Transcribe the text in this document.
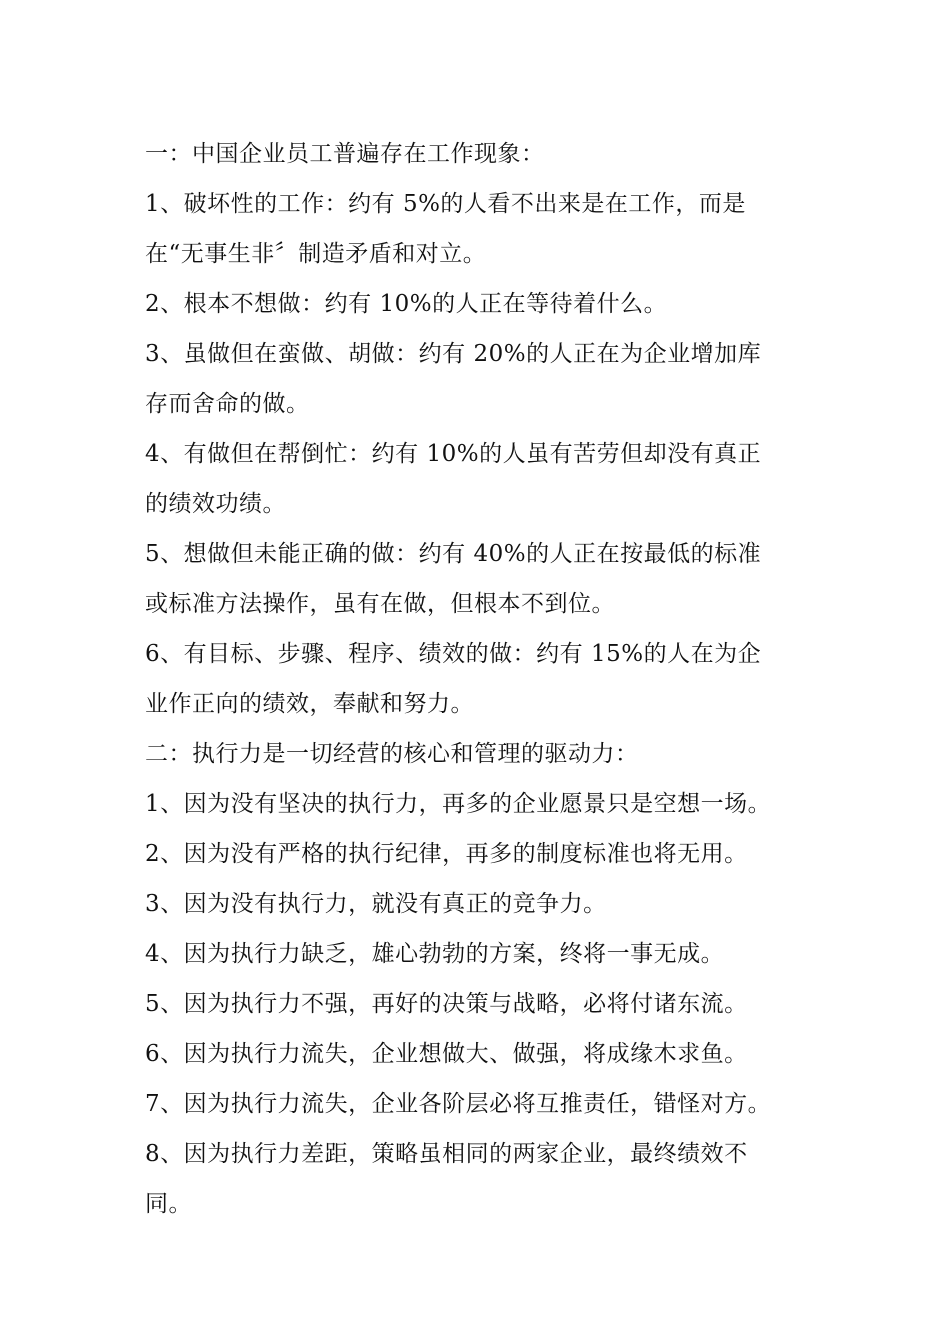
一：中国企业员工普遍存在工作现象：
1、破坏性的工作：约有 5%的人看不出来是在工作，而是
在“无事生非〞制造矛盾和对立。
2、根本不想做：约有 10%的人正在等待着什么。
3、虽做但在蛮做、胡做：约有 20%的人正在为企业增加库
存而舍命的做。
4、有做但在帮倒忙：约有 10%的人虽有苦劳但却没有真正
的绩效功绩。
5、想做但未能正确的做：约有 40%的人正在按最低的标准
或标准方法操作，虽有在做，但根本不到位。
6、有目标、步骤、程序、绩效的做：约有 15%的人在为企
业作正向的绩效，奉献和努力。
二：执行力是一切经营的核心和管理的驱动力：
1、因为没有坚决的执行力，再多的企业愿景只是空想一场。
2、因为没有严格的执行纪律，再多的制度标准也将无用。
3、因为没有执行力，就没有真正的竞争力。
4、因为执行力缺乏，雄心勃勃的方案，终将一事无成。
5、因为执行力不强，再好的决策与战略，必将付诸东流。
6、因为执行力流失，企业想做大、做强，将成缘木求鱼。
7、因为执行力流失，企业各阶层必将互推责任，错怪对方。
8、因为执行力差距，策略虽相同的两家企业，最终绩效不
同。
